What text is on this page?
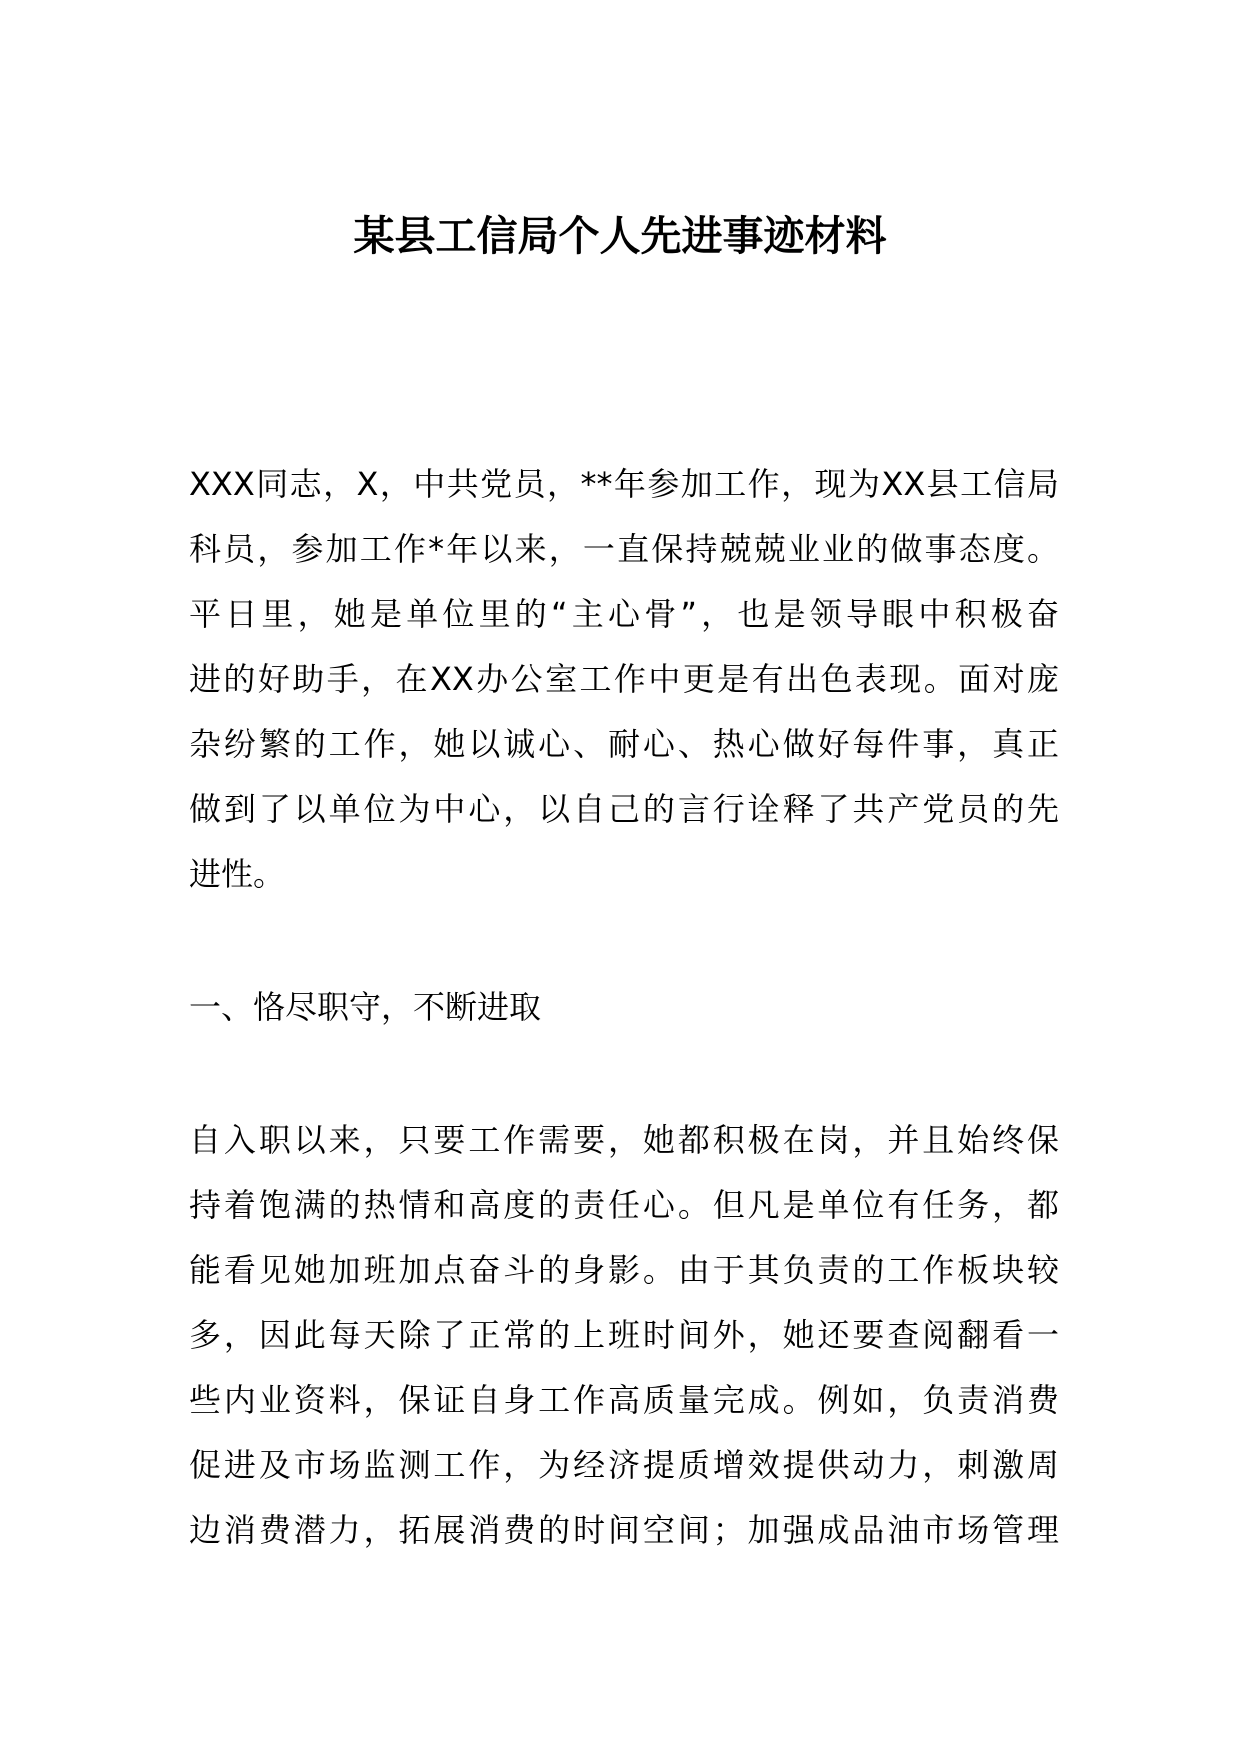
某县工信局个人先进事迹材料
XXX同志，X，中共党员，**年参加工作，现为XX县工信局
科员，参加工作*年以来，一直保持兢兢业业的做事态度。
平日里，她是单位里的“主心骨”，也是领导眼中积极奋
进的好助手，在XX办公室工作中更是有出色表现。面对庞
杂纷繁的工作，她以诚心、耐心、热心做好每件事，真正
做到了以单位为中心，以自己的言行诠释了共产党员的先
进性。
一、恪尽职守，不断进取
自入职以来，只要工作需要，她都积极在岗，并且始终保
持着饱满的热情和高度的责任心。但凡是单位有任务，都
能看见她加班加点奋斗的身影。由于其负责的工作板块较
多，因此每天除了正常的上班时间外，她还要查阅翻看一
些内业资料，保证自身工作高质量完成。例如，负责消费
促进及市场监测工作，为经济提质增效提供动力，刺激周
边消费潜力，拓展消费的时间空间；加强成品油市场管理
